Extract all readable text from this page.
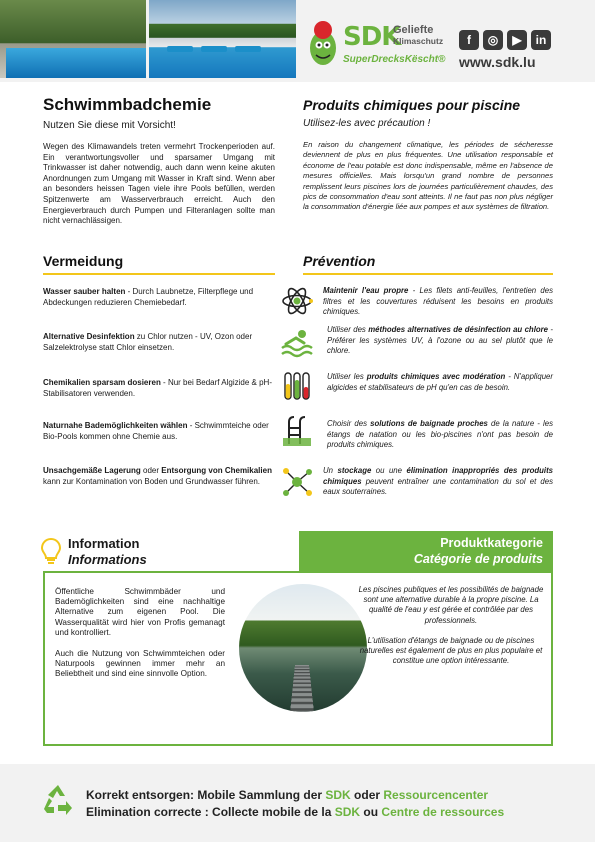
SDK
Geliefte
Klimaschutz
SuperDrecksKëscht®
f	◎	▶	in
www.sdk.lu
Schwimmbadchemie
Nutzen Sie diese mit Vorsicht!
Wegen des Klimawandels treten vermehrt Trockenperioden auf. Ein verantwortungsvoller und sparsamer Umgang mit Trinkwasser ist daher notwendig, auch dann wenn keine akuten Anordnungen zum Umgang mit Wasser in Kraft sind. Wenn aber an besonders heissen Tagen viele ihre Pools befüllen, werden Spitzenwerte am Wasserverbrauch erreicht. Auch den Energieverbrauch durch Pumpen und Filteranlagen sollte man nicht vernachlässigen.
Produits chimiques pour piscine
Utilisez-les avec précaution !
En raison du changement climatique, les périodes de sécheresse deviennent de plus en plus fréquentes. Une utilisation responsable et économe de l'eau potable est donc indispensable, même en l'absence de mesures officielles. Mais lorsqu'un grand nombre de personnes remplissent leurs piscines lors de journées particulièrement chaudes, des pics de consommation d'eau sont atteints. Il ne faut pas non plus négliger la consommation d'énergie liée aux pompes et aux systèmes de filtration.
Vermeidung	Prévention
Wasser sauber halten - Durch Laubnetze, Filterpflege und Abdeckungen reduzieren Chemiebedarf.
Maintenir l'eau propre - Les filets anti-feuilles, l'entretien des filtres et les couvertures réduisent les besoins en produits chimiques.
Alternative Desinfektion zu Chlor nutzen - UV, Ozon oder Salzelektrolyse statt Chlor einsetzen.
Utiliser des méthodes alternatives de désinfection au chlore - Préférer les systèmes UV, à l'ozone ou au sel plutôt que le chlore.
Chemikalien sparsam dosieren - Nur bei Bedarf Algizide & pH-Stabilisatoren verwenden.
Utiliser les produits chimiques avec modération - N'appliquer algicides et stabilisateurs de pH qu'en cas de besoin.
Naturnahe Bademöglichkeiten wählen - Schwimmteiche oder Bio-Pools kommen ohne Chemie aus.
Choisir des solutions de baignade proches de la nature - les étangs de natation ou les bio-piscines n'ont pas besoin de produits chimiques.
Unsachgemäße Lagerung oder Entsorgung von Chemikalien kann zur Kontamination von Boden und Grundwasser führen.
Un stockage ou une élimination inappropriés des produits chimiques peuvent entraîner une contamination du sol et des eaux souterraines.
Information
Informations
Produktkategorie
Catégorie de produits

Öffentliche Schwimmbäder und Bademöglichkeiten sind eine nachhaltige Alternative zum eigenen Pool. Die Wasserqualität wird hier von Profis gemanagt und kontrolliert.

Auch die Nutzung von Schwimmteichen oder Naturpools gewinnen immer mehr an Beliebtheit und sind eine sinnvolle Option.

Les piscines publiques et les possibilités de baignade sont une alternative durable à la propre piscine. La qualité de l'eau y est gérée et contrôlée par des professionnels.

L'utilisation d'étangs de baignade ou de piscines naturelles est également de plus en plus populaire et constitue une option intéressante.

Korrekt entsorgen: Mobile Sammlung der SDK oder Ressourcencenter
Elimination correcte : Collecte mobile de la SDK ou Centre de ressources
